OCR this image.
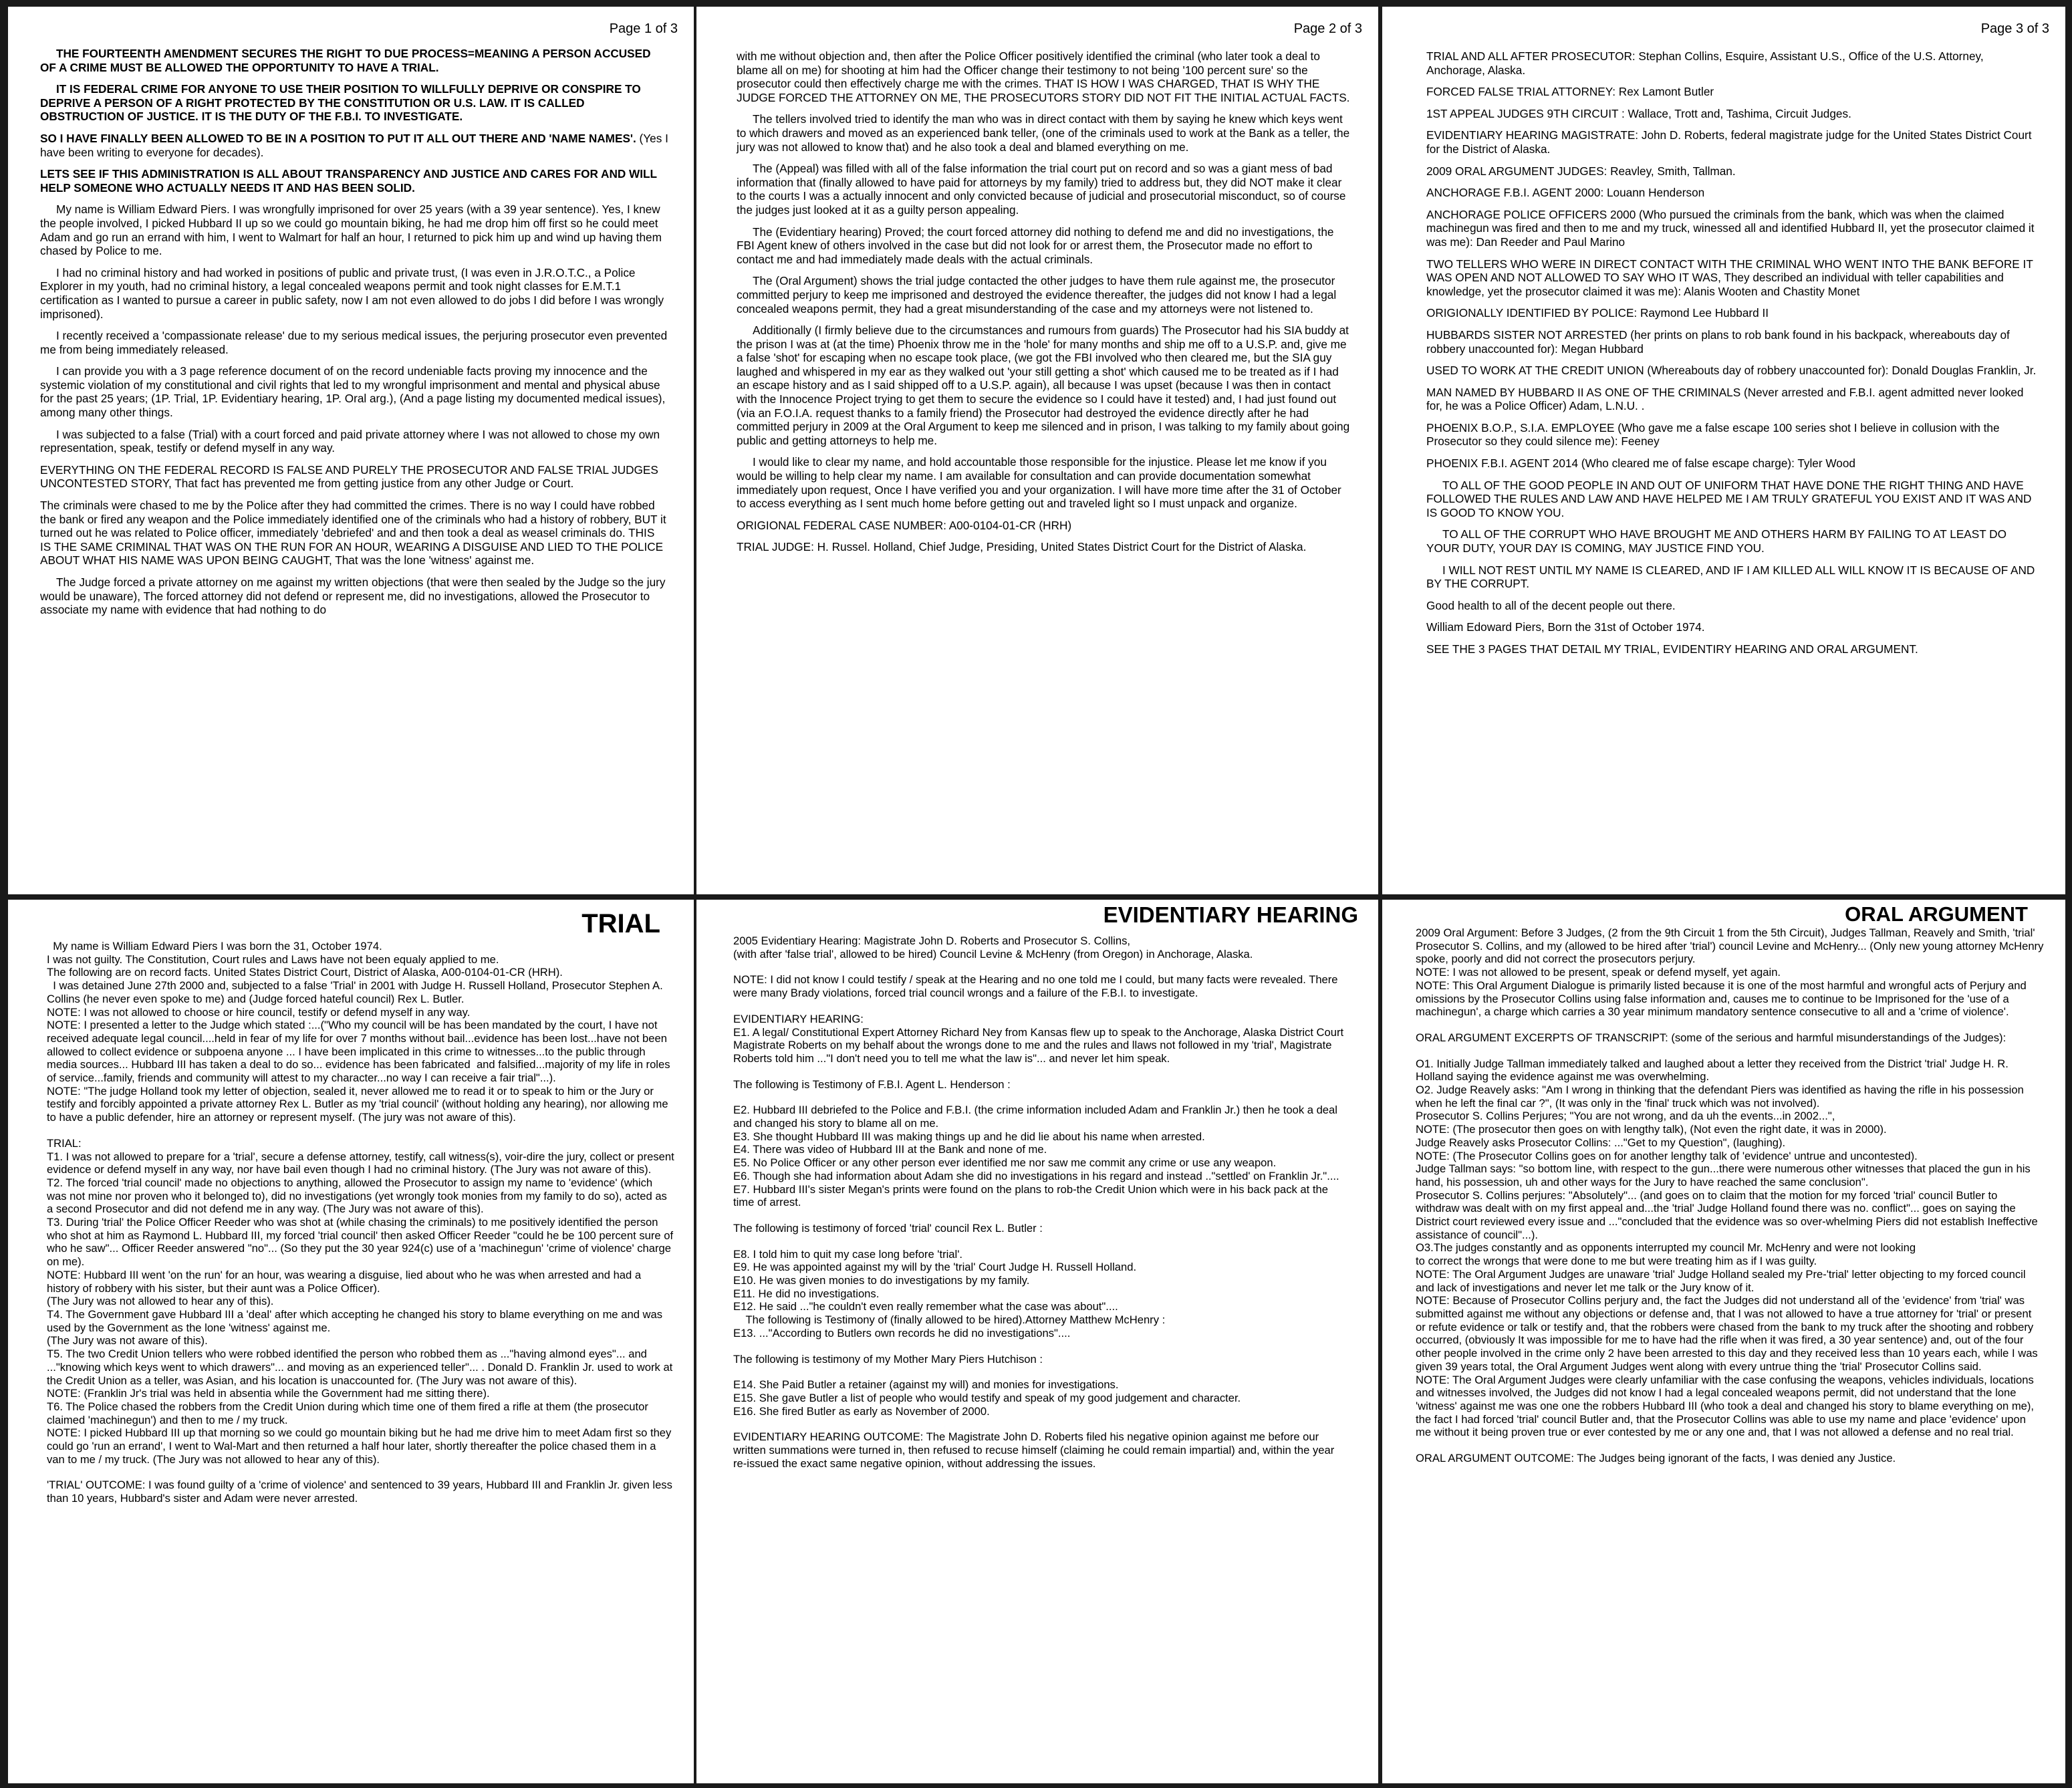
Page 1 of 3

THE FOURTEENTH AMENDMENT SECURES THE RIGHT TO DUE PROCESS=MEANING A PERSON ACCUSED OF A CRIME MUST BE ALLOWED THE OPPORTUNITY TO HAVE A TRIAL.

IT IS FEDERAL CRIME FOR ANYONE TO USE THEIR POSITION TO WILLFULLY DEPRIVE OR CONSPIRE TO DEPRIVE A PERSON OF A RIGHT PROTECTED BY THE CONSTITUTION OR U.S. LAW. IT IS CALLED OBSTRUCTION OF JUSTICE. IT IS THE DUTY OF THE F.B.I. TO INVESTIGATE.

SO I HAVE FINALLY BEEN ALLOWED TO BE IN A POSITION TO PUT IT ALL OUT THERE AND 'NAME NAMES'. (Yes I have been writing to everyone for decades).

LETS SEE IF THIS ADMINISTRATION IS ALL ABOUT TRANSPARENCY AND JUSTICE AND CARES FOR AND WILL HELP SOMEONE WHO ACTUALLY NEEDS IT AND HAS BEEN SOLID.

My name is William Edward Piers. I was wrongfully imprisoned for over 25 years (with a 39 year sentence). Yes, I knew the people involved, I picked Hubbard II up so we could go mountain biking, he had me drop him off first so he could meet Adam and go run an errand with him, I went to Walmart for half an hour, I returned to pick him up and wind up having them chased by Police to me.

I had no criminal history and had worked in positions of public and private trust, (I was even in J.R.O.T.C., a Police Explorer in my youth, had no criminal history, a legal concealed weapons permit and took night classes for E.M.T.1 certification as I wanted to pursue a career in public safety, now I am not even allowed to do jobs I did before I was wrongly imprisoned).

I recently received a 'compassionate release' due to my serious medical issues, the perjuring prosecutor even prevented me from being immediately released.

I can provide you with a 3 page reference document of on the record undeniable facts proving my innocence and the systemic violation of my constitutional and civil rights that led to my wrongful imprisonment and mental and physical abuse for the past 25 years; (1P. Trial, 1P. Evidentiary hearing, 1P. Oral arg.), (And a page listing my documented medical issues), among many other things.

I was subjected to a false (Trial) with a court forced and paid private attorney where I was not allowed to chose my own representation, speak, testify or defend myself in any way.

EVERYTHING ON THE FEDERAL RECORD IS FALSE AND PURELY THE PROSECUTOR AND FALSE TRIAL JUDGES UNCONTESTED STORY, That fact has prevented me from getting justice from any other Judge or Court.

The criminals were chased to me by the Police after they had committed the crimes. There is no way I could have robbed the bank or fired any weapon and the Police immediately identified one of the criminals who had a history of robbery, BUT it turned out he was related to Police officer, immediately 'debriefed' and and then took a deal as weasel criminals do. THIS IS THE SAME CRIMINAL THAT WAS ON THE RUN FOR AN HOUR, WEARING A DISGUISE AND LIED TO THE POLICE ABOUT WHAT HIS NAME WAS UPON BEING CAUGHT, That was the lone 'witness' against me.

The Judge forced a private attorney on me against my written objections (that were then sealed by the Judge so the jury would be unaware), The forced attorney did not defend or represent me, did no investigations, allowed the Prosecutor to associate my name with evidence that had nothing to do

Page 2 of 3

with me without objection and, then after the Police Officer positively identified the criminal (who later took a deal to blame all on me) for shooting at him had the Officer change their testimony to not being '100 percent sure' so the prosecutor could then effectively charge me with the crimes. THAT IS HOW I WAS CHARGED, THAT IS WHY THE JUDGE FORCED THE ATTORNEY ON ME, THE PROSECUTORS STORY DID NOT FIT THE INITIAL ACTUAL FACTS.

The tellers involved tried to identify the man who was in direct contact with them by saying he knew which keys went to which drawers and moved as an experienced bank teller, (one of the criminals used to work at the Bank as a teller, the jury was not allowed to know that) and he also took a deal and blamed everything on me.

The (Appeal) was filled with all of the false information the trial court put on record and so was a giant mess of bad information that (finally allowed to have paid for attorneys by my family) tried to address but, they did NOT make it clear to the courts I was a actually innocent and only convicted because of judicial and prosecutorial misconduct, so of course the judges just looked at it as a guilty person appealing.

The (Evidentiary hearing) Proved; the court forced attorney did nothing to defend me and did no investigations, the FBI Agent knew of others involved in the case but did not look for or arrest them, the Prosecutor made no effort to contact me and had immediately made deals with the actual criminals.

The (Oral Argument) shows the trial judge contacted the other judges to have them rule against me, the prosecutor committed perjury to keep me imprisoned and destroyed the evidence thereafter, the judges did not know I had a legal concealed weapons permit, they had a great misunderstanding of the case and my attorneys were not listened to.

Additionally (I firmly believe due to the circumstances and rumours from guards) The Prosecutor had his SIA buddy at the prison I was at (at the time) Phoenix throw me in the 'hole' for many months and ship me off to a U.S.P. and, give me a false 'shot' for escaping when no escape took place, (we got the FBI involved who then cleared me, but the SIA guy laughed and whispered in my ear as they walked out 'your still getting a shot' which caused me to be treated as if I had an escape history and as I said shipped off to a U.S.P. again), all because I was upset (because I was then in contact with the Innocence Project trying to get them to secure the evidence so I could have it tested) and, I had just found out (via an F.O.I.A. request thanks to a family friend) the Prosecutor had destroyed the evidence directly after he had committed perjury in 2009 at the Oral Argument to keep me silenced and in prison, I was talking to my family about going public and getting attorneys to help me.

I would like to clear my name, and hold accountable those responsible for the injustice. Please let me know if you would be willing to help clear my name. I am available for consultation and can provide documentation somewhat immediately upon request, Once I have verified you and your organization. I will have more time after the 31 of October to access everything as I sent much home before getting out and traveled light so I must unpack and organize.

ORIGIONAL FEDERAL CASE NUMBER: A00-0104-01-CR (HRH)

TRIAL JUDGE: H. Russel. Holland, Chief Judge, Presiding, United States District Court for the District of Alaska.

Page 3 of 3

TRIAL AND ALL AFTER PROSECUTOR: Stephan Collins, Esquire, Assistant U.S., Office of the U.S. Attorney, Anchorage, Alaska.

FORCED FALSE TRIAL ATTORNEY: Rex Lamont Butler

1ST APPEAL JUDGES 9TH CIRCUIT : Wallace, Trott and, Tashima, Circuit Judges.

EVIDENTIARY HEARING MAGISTRATE: John D. Roberts, federal magistrate judge for the United States District Court for the District of Alaska.

2009 ORAL ARGUMENT JUDGES: Reavley, Smith, Tallman.

ANCHORAGE F.B.I. AGENT 2000: Louann Henderson

ANCHORAGE POLICE OFFICERS 2000 (Who pursued the criminals from the bank, which was when the claimed machinegun was fired and then to me and my truck, winessed all and identified Hubbard II, yet the prosecutor claimed it was me): Dan Reeder and Paul Marino

TWO TELLERS WHO WERE IN DIRECT CONTACT WITH THE CRIMINAL WHO WENT INTO THE BANK BEFORE IT WAS OPEN AND NOT ALLOWED TO SAY WHO IT WAS, They described an individual with teller capabilities and knowledge, yet the prosecutor claimed it was me): Alanis Wooten and Chastity Monet

ORIGIONALLY IDENTIFIED BY POLICE: Raymond Lee Hubbard II

HUBBARDS SISTER NOT ARRESTED (her prints on plans to rob bank found in his backpack, whereabouts day of robbery unaccounted for): Megan Hubbard

USED TO WORK AT THE CREDIT UNION (Whereabouts day of robbery unaccounted for): Donald Douglas Franklin, Jr.

MAN NAMED BY HUBBARD II AS ONE OF THE CRIMINALS (Never arrested and F.B.I. agent admitted never looked for, he was a Police Officer) Adam, L.N.U. .

PHOENIX B.O.P., S.I.A. EMPLOYEE (Who gave me a false escape 100 series shot I believe in collusion with the Prosecutor so they could silence me): Feeney

PHOENIX F.B.I. AGENT 2014 (Who cleared me of false escape charge): Tyler Wood

TO ALL OF THE GOOD PEOPLE IN AND OUT OF UNIFORM THAT HAVE DONE THE RIGHT THING AND HAVE FOLLOWED THE RULES AND LAW AND HAVE HELPED ME I AM TRULY GRATEFUL YOU EXIST AND IT WAS AND IS GOOD TO KNOW YOU.

TO ALL OF THE CORRUPT WHO HAVE BROUGHT ME AND OTHERS HARM BY FAILING TO AT LEAST DO YOUR DUTY, YOUR DAY IS COMING, MAY JUSTICE FIND YOU.

I WILL NOT REST UNTIL MY NAME IS CLEARED, AND IF I AM KILLED ALL WILL KNOW IT IS BECAUSE OF AND BY THE CORRUPT.

Good health to all of the decent people out there.

William Edoward Piers, Born the 31st of October 1974.

SEE THE 3 PAGES THAT DETAIL MY TRIAL, EVIDENTIRY HEARING AND ORAL ARGUMENT.

TRIAL
My name is William Edward Piers I was born the 31, October 1974.
I was not guilty. The Constitution, Court rules and Laws have not been equaly applied to me.
The following are on record facts. United States District Court, District of Alaska, A00-0104-01-CR (HRH).
I was detained June 27th 2000 and, subjected to a false 'Trial' in 2001 with Judge H. Russell Holland, Prosecutor Stephen A. Collins (he never even spoke to me) and (Judge forced hateful council) Rex L. Butler.
NOTE: I was not allowed to choose or hire council, testify or defend myself in any way.
NOTE: I presented a letter to the Judge which stated :...("Who my council will be has been mandated by the court, I have not received adequate legal council....held in fear of my life for over 7 months without bail...evidence has been lost...have not been allowed to collect evidence or subpoena anyone ... I have been implicated in this crime to witnesses...to the public through media sources... Hubbard III has taken a deal to do so... evidence has been fabricated  and falsified...majority of my life in roles of service...family, friends and community will attest to my character...no way I can receive a fair trial"...).
NOTE: "The judge Holland took my letter of objection, sealed it, never allowed me to read it or to speak to him or the Jury or testify and forcibly appointed a private attorney Rex L. Butler as my 'trial council' (without holding any hearing), nor allowing me to have a public defender, hire an attorney or represent myself. (The jury was not aware of this).
TRIAL:
T1. I was not allowed to prepare for a 'trial', secure a defense attorney, testify, call witness(s), voir-dire the jury, collect or present evidence or defend myself in any way, nor have bail even though I had no criminal history. (The Jury was not aware of this).
T2. The forced 'trial council' made no objections to anything, allowed the Prosecutor to assign my name to 'evidence' (which was not mine nor proven who it belonged to), did no investigations (yet wrongly took monies from my family to do so), acted as a second Prosecutor and did not defend me in any way. (The Jury was not aware of this).
T3. During 'trial' the Police Officer Reeder who was shot at (while chasing the criminals) to me positively identified the person who shot at him as Raymond L. Hubbard III, my forced 'trial council' then asked Officer Reeder "could he be 100 percent sure of who he saw"... Officer Reeder answered "no"... (So they put the 30 year 924(c) use of a 'machinegun' 'crime of violence' charge on me).
NOTE: Hubbard III went 'on the run' for an hour, was wearing a disguise, lied about who he was when arrested and had a history of robbery with his sister, but their aunt was a Police Officer).
(The Jury was not allowed to hear any of this).
T4. The Government gave Hubbard III a 'deal' after which accepting he changed his story to blame everything on me and was used by the Government as the lone 'witness' against me.
(The Jury was not aware of this).
T5. The two Credit Union tellers who were robbed identified the person who robbed them as ..."having almond eyes"... and ..."knowing which keys went to which drawers"... and moving as an experienced teller"... . Donald D. Franklin Jr. used to work at the Credit Union as a teller, was Asian, and his location is unaccounted for. (The Jury was not aware of this).
NOTE: (Franklin Jr's trial was held in absentia while the Government had me sitting there).
T6. The Police chased the robbers from the Credit Union during which time one of them fired a rifle at them (the prosecutor claimed 'machinegun') and then to me / my truck.
NOTE: I picked Hubbard III up that morning so we could go mountain biking but he had me drive him to meet Adam first so they could go 'run an errand', I went to Wal-Mart and then returned a half hour later, shortly thereafter the police chased them in a van to me / my truck. (The Jury was not allowed to hear any of this).
'TRIAL' OUTCOME: I was found guilty of a 'crime of violence' and sentenced to 39 years, Hubbard III and Franklin Jr. given less than 10 years, Hubbard's sister and Adam were never arrested.
EVIDENTIARY HEARING
2005 Evidentiary Hearing: Magistrate John D. Roberts and Prosecutor S. Collins,
(with after 'false trial', allowed to be hired) Council Levine & McHenry (from Oregon) in Anchorage, Alaska.
NOTE: I did not know I could testify / speak at the Hearing and no one told me I could, but many facts were revealed. There were many Brady violations, forced trial council wrongs and a failure of the F.B.I. to investigate.
EVIDENTIARY HEARING:
E1. A legal/ Constitutional Expert Attorney Richard Ney from Kansas flew up to speak to the Anchorage, Alaska District Court Magistrate Roberts on my behalf about the wrongs done to me and the rules and llaws not followed in my 'trial', Magistrate Roberts told him ..."I don't need you to tell me what the law is"... and never let him speak.
The following is Testimony of F.B.I. Agent L. Henderson :
E2. Hubbard III debriefed to the Police and F.B.I. (the crime information included Adam and Franklin Jr.) then he took a deal and changed his story to blame all on me.
E3. She thought Hubbard III was making things up and he did lie about his name when arrested.
E4. There was video of Hubbard III at the Bank and none of me.
E5. No Police Officer or any other person ever identified me nor saw me commit any crime or use any weapon.
E6. Though she had information about Adam she did no investigations in his regard and instead .."settled' on Franklin Jr."....
E7. Hubbard III's sister Megan's prints were found on the plans to rob-the Credit Union which were in his back pack at the time of arrest.
The following is testimony of forced 'trial' council Rex L. Butler :
E8. I told him to quit my case long before 'trial'.
E9. He was appointed against my will by the 'trial' Court Judge H. Russell Holland.
E10. He was given monies to do investigations by my family.
E11. He did no investigations.
E12. He said ..."he couldn't even really remember what the case was about"....
The following is Testimony of (finally allowed to be hired).Attorney Matthew McHenry :
E13. ..."According to Butlers own records he did no investigations"....
The following is testimony of my Mother Mary Piers Hutchison :
E14. She Paid Butler a retainer (against my will) and monies for investigations.
E15. She gave Butler a list of people who would testify and speak of my good judgement and character.
E16. She fired Butler as early as November of 2000.
EVIDENTIARY HEARING OUTCOME: The Magistrate John D. Roberts filed his negative opinion against me before our written summations were turned in, then refused to recuse himself (claiming he could remain impartial) and, within the year re-issued the exact same negative opinion, without addressing the issues.
ORAL ARGUMENT
2009 Oral Argument: Before 3 Judges, (2 from the 9th Circuit 1 from the 5th Circuit), Judges Tallman, Reavely and Smith, 'trial' Prosecutor S. Collins, and my (allowed to be hired after 'trial') council Levine and McHenry... (Only new young attorney McHenry spoke, poorly and did not correct the prosecutors perjury.
NOTE: I was not allowed to be present, speak or defend myself, yet again.
NOTE: This Oral Argument Dialogue is primarily listed because it is one of the most harmful and wrongful acts of Perjury and omissions by the Prosecutor Collins using false information and, causes me to continue to be Imprisoned for the 'use of a machinegun', a charge which carries a 30 year minimum mandatory sentence consecutive to all and a 'crime of violence'.
ORAL ARGUMENT EXCERPTS OF TRANSCRIPT: (some of the serious and harmful misunderstandings of the Judges):
O1. Initially Judge Tallman immediately talked and laughed about a letter they received from the District 'trial' Judge H. R. Holland saying the evidence against me was overwhelming.
O2. Judge Reavely asks: "Am I wrong in thinking that the defendant Piers was identified as having the rifle in his possession when he left the final car ?", (It was only in the 'final' truck which was not involved).
Prosecutor S. Collins Perjures; "You are not wrong, and da uh the events...in 2002...",
NOTE: (The prosecutor then goes on with lengthy talk), (Not even the right date, it was in 2000).
Judge Reavely asks Prosecutor Collins: ..."Get to my Question", (laughing).
NOTE: (The Prosecutor Collins goes on for another lengthy talk of 'evidence' untrue and uncontested).
Judge Tallman says: "so bottom line, with respect to the gun...there were numerous other witnesses that placed the gun in his hand, his possession, uh and other ways for the Jury to have reached the same conclusion".
Prosecutor S. Collins perjures: "Absolutely"... (and goes on to claim that the motion for my forced 'trial' council Butler to withdraw was dealt with on my first appeal and...the 'trial' Judge Holland found there was no. conflict"... goes on saying the District court reviewed every issue and ..."concluded that the evidence was so over-whelming Piers did not establish Ineffective assistance of council"...).
O3.The judges constantly and as opponents interrupted my council Mr. McHenry and were not looking
to correct the wrongs that were done to me but were treating him as if I was guilty.
NOTE: The Oral Argument Judges are unaware 'trial' Judge Holland sealed my Pre-'trial' letter objecting to my forced council and lack of investigations and never let me talk or the Jury know of it.
NOTE: Because of Prosecutor Collins perjury and, the fact the Judges did not understand all of the 'evidence' from 'trial' was submitted against me without any objections or defense and, that I was not allowed to have a true attorney for 'trial' or present or refute evidence or talk or testify and, that the robbers were chased from the bank to my truck after the shooting and robbery occurred, (obviously It was impossible for me to have had the rifle when it was fired, a 30 year sentence) and, out of the four other people involved in the crime only 2 have been arrested to this day and they received less than 10 years each, while I was given 39 years total, the Oral Argument Judges went along with every untrue thing the 'trial' Prosecutor Collins said.
NOTE: The Oral Argument Judges were clearly unfamiliar with the case confusing the weapons, vehicles individuals, locations and witnesses involved, the Judges did not know I had a legal concealed weapons permit, did not understand that the lone 'witness' against me was one one the robbers Hubbard III (who took a deal and changed his story to blame everything on me), the fact I had forced 'trial' council Butler and, that the Prosecutor Collins was able to use my name and place 'evidence' upon me without it being proven true or ever contested by me or any one and, that I was not allowed a defense and no real trial.
ORAL ARGUMENT OUTCOME: The Judges being ignorant of the facts, I was denied any Justice.
